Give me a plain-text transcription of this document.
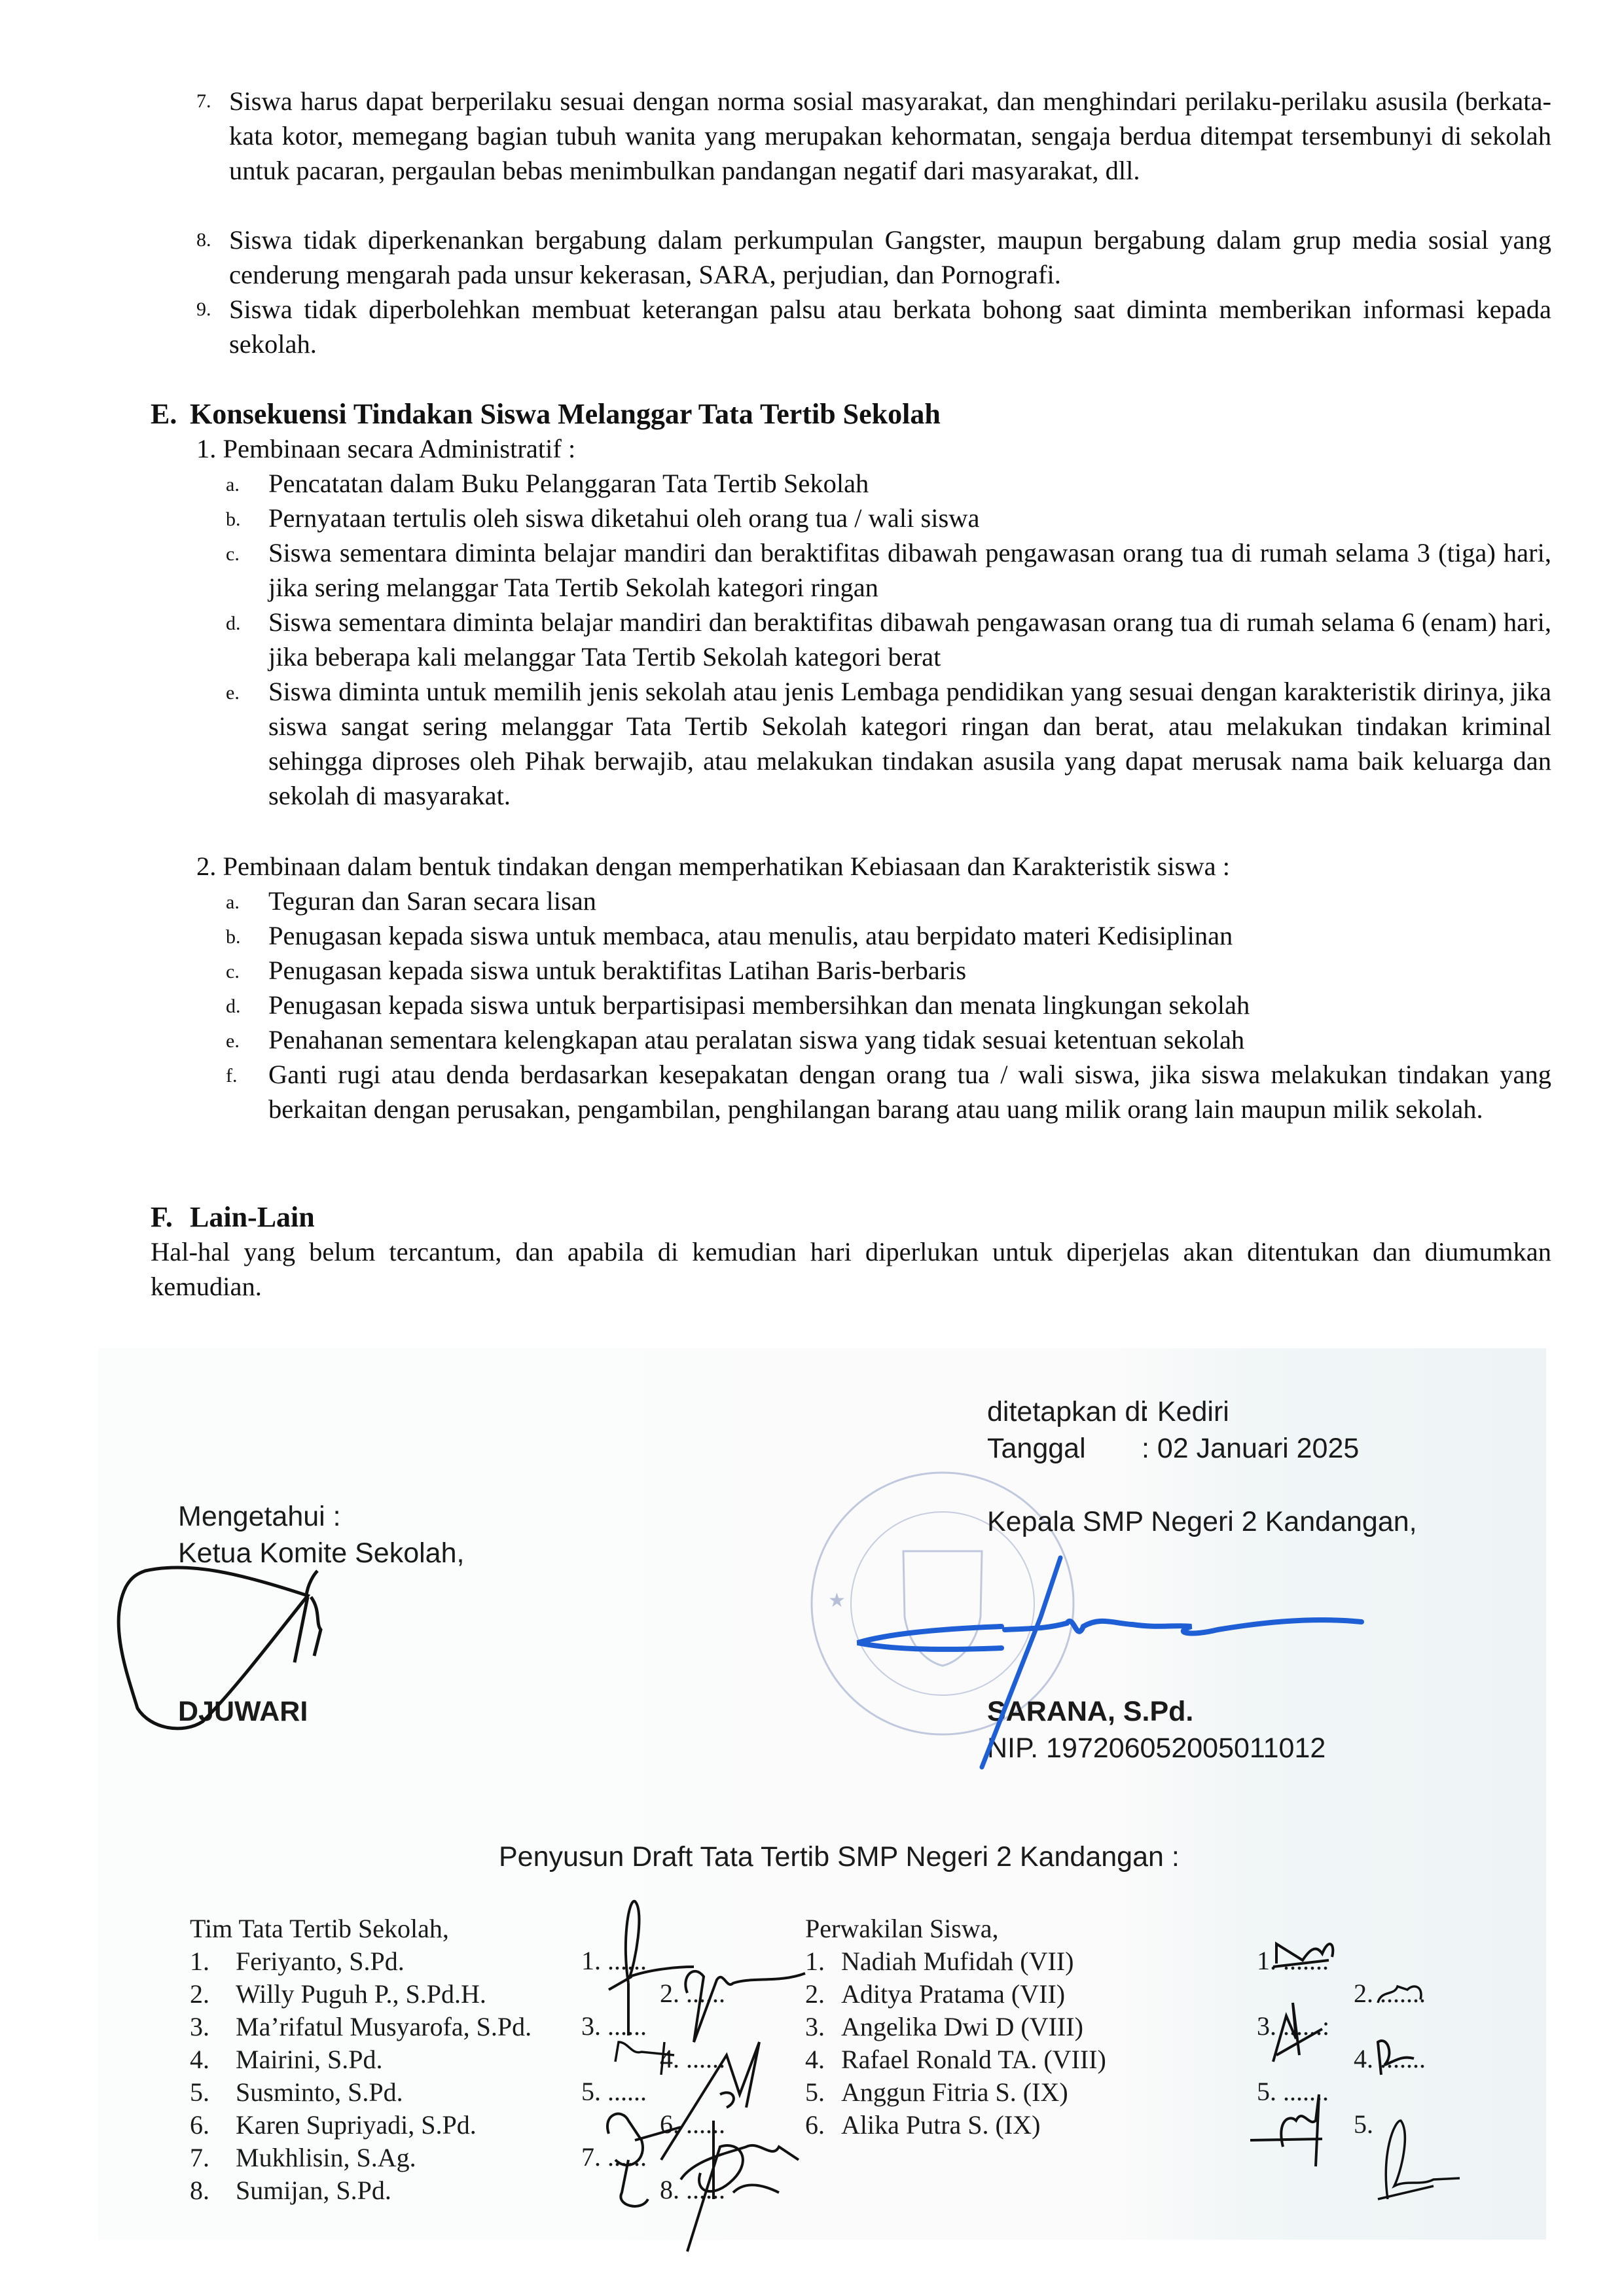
7. Siswa harus dapat berperilaku sesuai dengan norma sosial masyarakat, dan menghindari perilaku-perilaku asusila (berkata-kata kotor, memegang bagian tubuh wanita yang merupakan kehormatan, sengaja berdua ditempat tersembunyi di sekolah untuk pacaran, pergaulan bebas menimbulkan pandangan negatif dari masyarakat, dll.
8. Siswa tidak diperkenankan bergabung dalam perkumpulan Gangster, maupun bergabung dalam grup media sosial yang cenderung mengarah pada unsur kekerasan, SARA, perjudian, dan Pornografi.
9. Siswa tidak diperbolehkan membuat keterangan palsu atau berkata bohong saat diminta memberikan informasi kepada sekolah.
E. Konsekuensi Tindakan Siswa Melanggar Tata Tertib Sekolah
1. Pembinaan secara Administratif :
a. Pencatatan dalam Buku Pelanggaran Tata Tertib Sekolah
b. Pernyataan tertulis oleh siswa diketahui oleh orang tua / wali siswa
c. Siswa sementara diminta belajar mandiri dan beraktifitas dibawah pengawasan orang tua di rumah selama 3 (tiga) hari, jika sering melanggar Tata Tertib Sekolah kategori ringan
d. Siswa sementara diminta belajar mandiri dan beraktifitas dibawah pengawasan orang tua di rumah selama 6 (enam) hari, jika beberapa kali melanggar Tata Tertib Sekolah kategori berat
e. Siswa diminta untuk memilih jenis sekolah atau jenis Lembaga pendidikan yang sesuai dengan karakteristik dirinya, jika siswa sangat sering melanggar Tata Tertib Sekolah kategori ringan dan berat, atau melakukan tindakan kriminal sehingga diproses oleh Pihak berwajib, atau melakukan tindakan asusila yang dapat merusak nama baik keluarga dan sekolah di masyarakat.
2. Pembinaan dalam bentuk tindakan dengan memperhatikan Kebiasaan dan Karakteristik siswa :
a. Teguran dan Saran secara lisan
b. Penugasan kepada siswa untuk membaca, atau menulis, atau berpidato materi Kedisiplinan
c. Penugasan kepada siswa untuk beraktifitas Latihan Baris-berbaris
d. Penugasan kepada siswa untuk berpartisipasi membersihkan dan menata lingkungan sekolah
e. Penahanan sementara kelengkapan atau peralatan siswa yang tidak sesuai ketentuan sekolah
f. Ganti rugi atau denda berdasarkan kesepakatan dengan orang tua / wali siswa, jika siswa melakukan tindakan yang berkaitan dengan perusakan, pengambilan, penghilangan barang atau uang milik orang lain maupun milik sekolah.
F. Lain-Lain
Hal-hal yang belum tercantum, dan apabila di kemudian hari diperlukan untuk diperjelas akan ditentukan dan diumumkan kemudian.
ditetapkan di
: Kediri
Tanggal : 02 Januari 2025
Mengetahui :
Ketua Komite Sekolah,
DJUWARI
★
Kepala SMP Negeri 2 Kandangan,
SARANA, S.Pd.
NIP. 197206052005011012
Penyusun Draft Tata Tertib SMP Negeri 2 Kandangan :
Tim Tata Tertib Sekolah,
1. Feriyanto, S.Pd.
2. Willy Puguh P., S.Pd.H.
3. Ma’rifatul Musyarofa, S.Pd.
4. Mairini, S.Pd.
5. Susminto, S.Pd.
6. Karen Supriyadi, S.Pd.
7. Mukhlisin, S.Ag.
8. Sumijan, S.Pd.
1. ......
2. ......
3. ......
4. ......
5. ......
6. ......
7. ......
8. ......
Perwakilan Siswa,
1. Nadiah Mufidah (VII)
2. Aditya Pratama (VII)
3. Angelika Dwi D (VIII)
4. Rafael Ronald TA. (VIII)
5. Anggun Fitria S. (IX)
6. Alika Putra S. (IX)
1. .......
2. .......
3. ......:
4. .......
5. .......
5.
